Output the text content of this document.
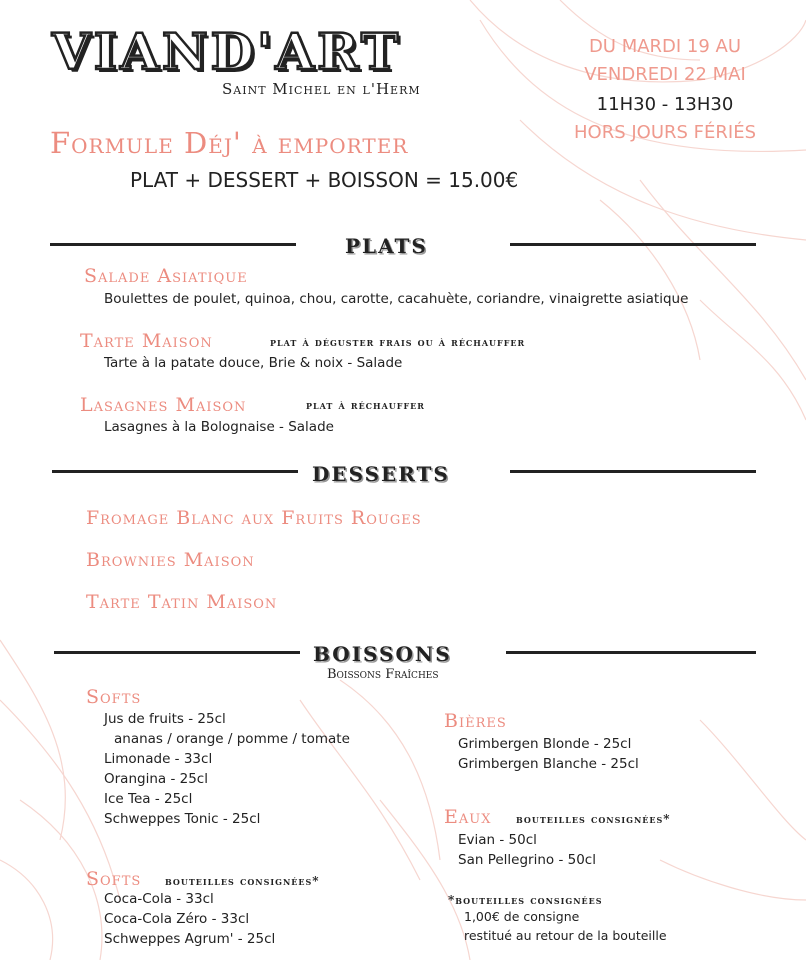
VIAND'ART
Saint Michel en l'Herm
DU MARDI 19 AU
VENDREDI 22 MAI
11H30 - 13H30
HORS JOURS FÉRIÉS
Formule Déj' à emporter
PLAT + DESSERT + BOISSON = 15.00€
PLATS
Salade Asiatique
Boulettes de poulet, quinoa, chou, carotte, cacahuète, coriandre, vinaigrette asiatique
Tarte Maison	plat à déguster frais ou à réchauffer
Tarte à la patate douce, Brie & noix - Salade
Lasagnes Maison	plat à réchauffer
Lasagnes à la Bolognaise - Salade
DESSERTS
Fromage Blanc aux Fruits Rouges
Brownies Maison
Tarte Tatin Maison
BOISSONS
Boissons Fraîches
Softs
Jus de fruits - 25cl
ananas / orange / pomme / tomate
Limonade - 33cl
Orangina - 25cl
Ice Tea - 25cl
Schweppes Tonic - 25cl
Softs bouteilles consignées*
Coca-Cola - 33cl
Coca-Cola Zéro - 33cl
Schweppes Agrum' - 25cl
Bières
Grimbergen Blonde - 25cl
Grimbergen Blanche - 25cl
Eaux bouteilles consignées*
Evian - 50cl
San Pellegrino - 50cl
*bouteilles consignées
1,00€ de consigne
restitué au retour de la bouteille
